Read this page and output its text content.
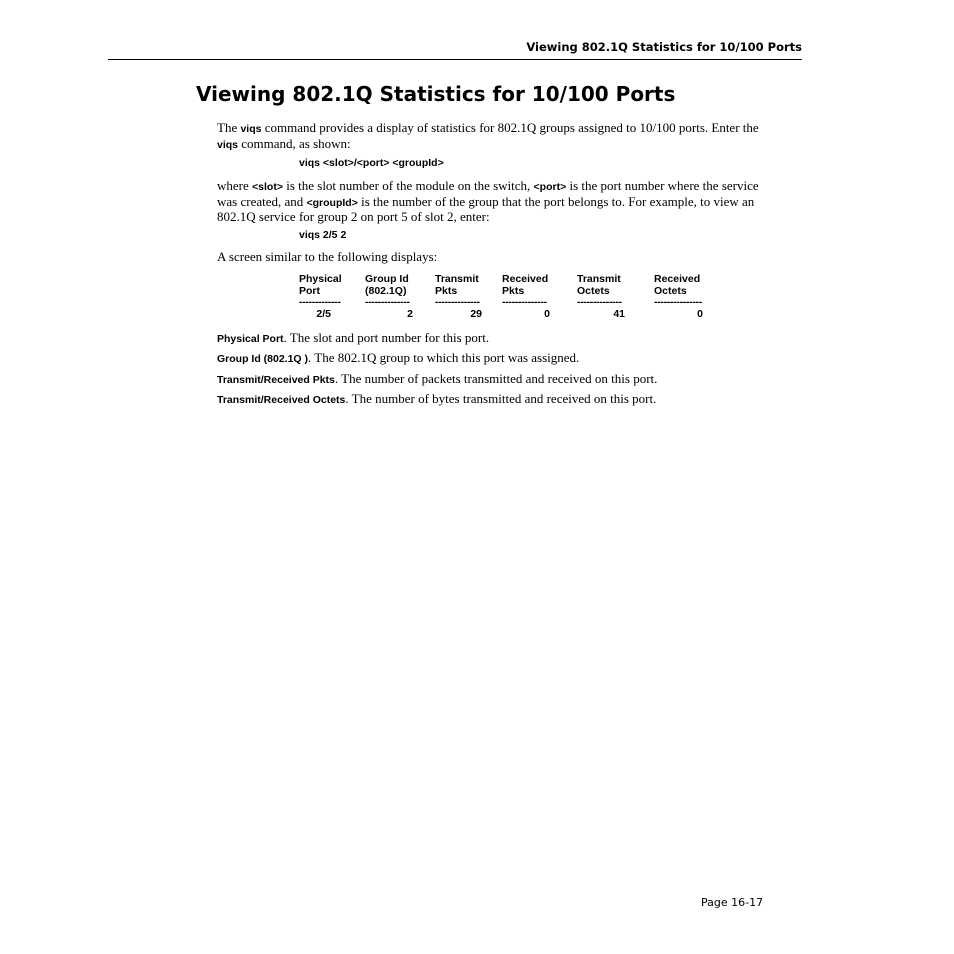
Viewing 802.1Q Statistics for 10/100 Ports
Viewing 802.1Q Statistics for 10/100 Ports

The viqs command provides a display of statistics for 802.1Q groups assigned to 10/100 ports. Enter the viqs command, as shown:

viqs <slot>/<port> <groupId>

where <slot> is the slot number of the module on the switch, <port> is the port number where the service was created, and <groupId> is the number of the group that the port belongs to. For example, to view an 802.1Q service for group 2 on port 5 of slot 2, enter:

viqs 2/5 2

A screen similar to the following displays:

Physical
Port
-------------
2/5
Group Id
(802.1Q)
--------------
2
Transmit
Pkts
--------------
29
Received
Pkts
--------------
0
Transmit
Octets
--------------
41
Received
Octets
---------------
0

Physical Port. The slot and port number for this port.

Group Id (802.1Q ). The 802.1Q group to which this port was assigned.

Transmit/Received Pkts. The number of packets transmitted and received on this port.

Transmit/Received Octets. The number of bytes transmitted and received on this port.

Page 16-17
